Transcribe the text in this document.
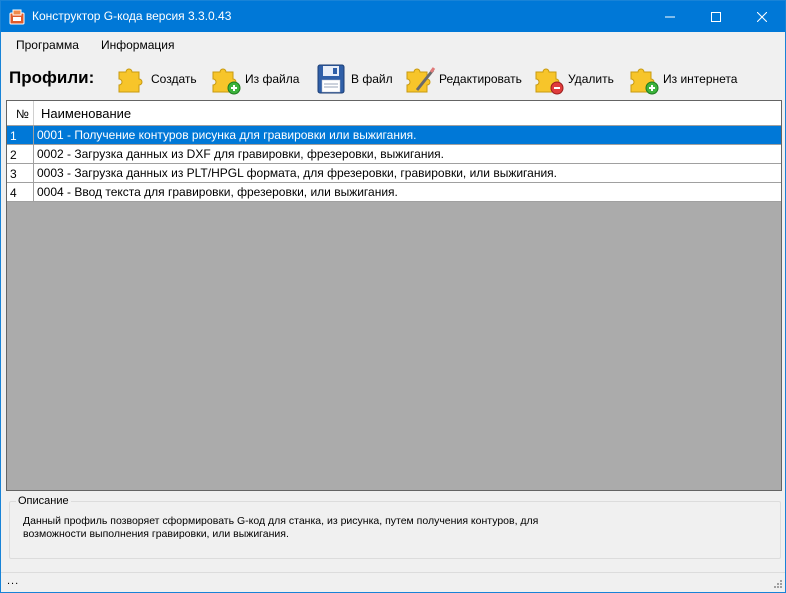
Конструктор G-кода версия 3.3.0.43
Программа Информация
Профили:	Создать	Из файла	В файл	Редактировать	Удалить	Из интернета
№ Наименование
1	0001 - Получение контуров рисунка для гравировки или выжигания.
2	0002 - Загрузка данных из DXF для гравировки, фрезеровки, выжигания.
3	0003 - Загрузка данных из PLT/HPGL формата, для фрезеровки, гравировки, или выжигания.
4	0004 - Ввод текста для гравировки, фрезеровки, или выжигания.
Описание
Данный профиль позворяет сформировать G-код для станка, из рисунка, путем получения контуров, для возможности выполнения гравировки, или выжигания.
...
